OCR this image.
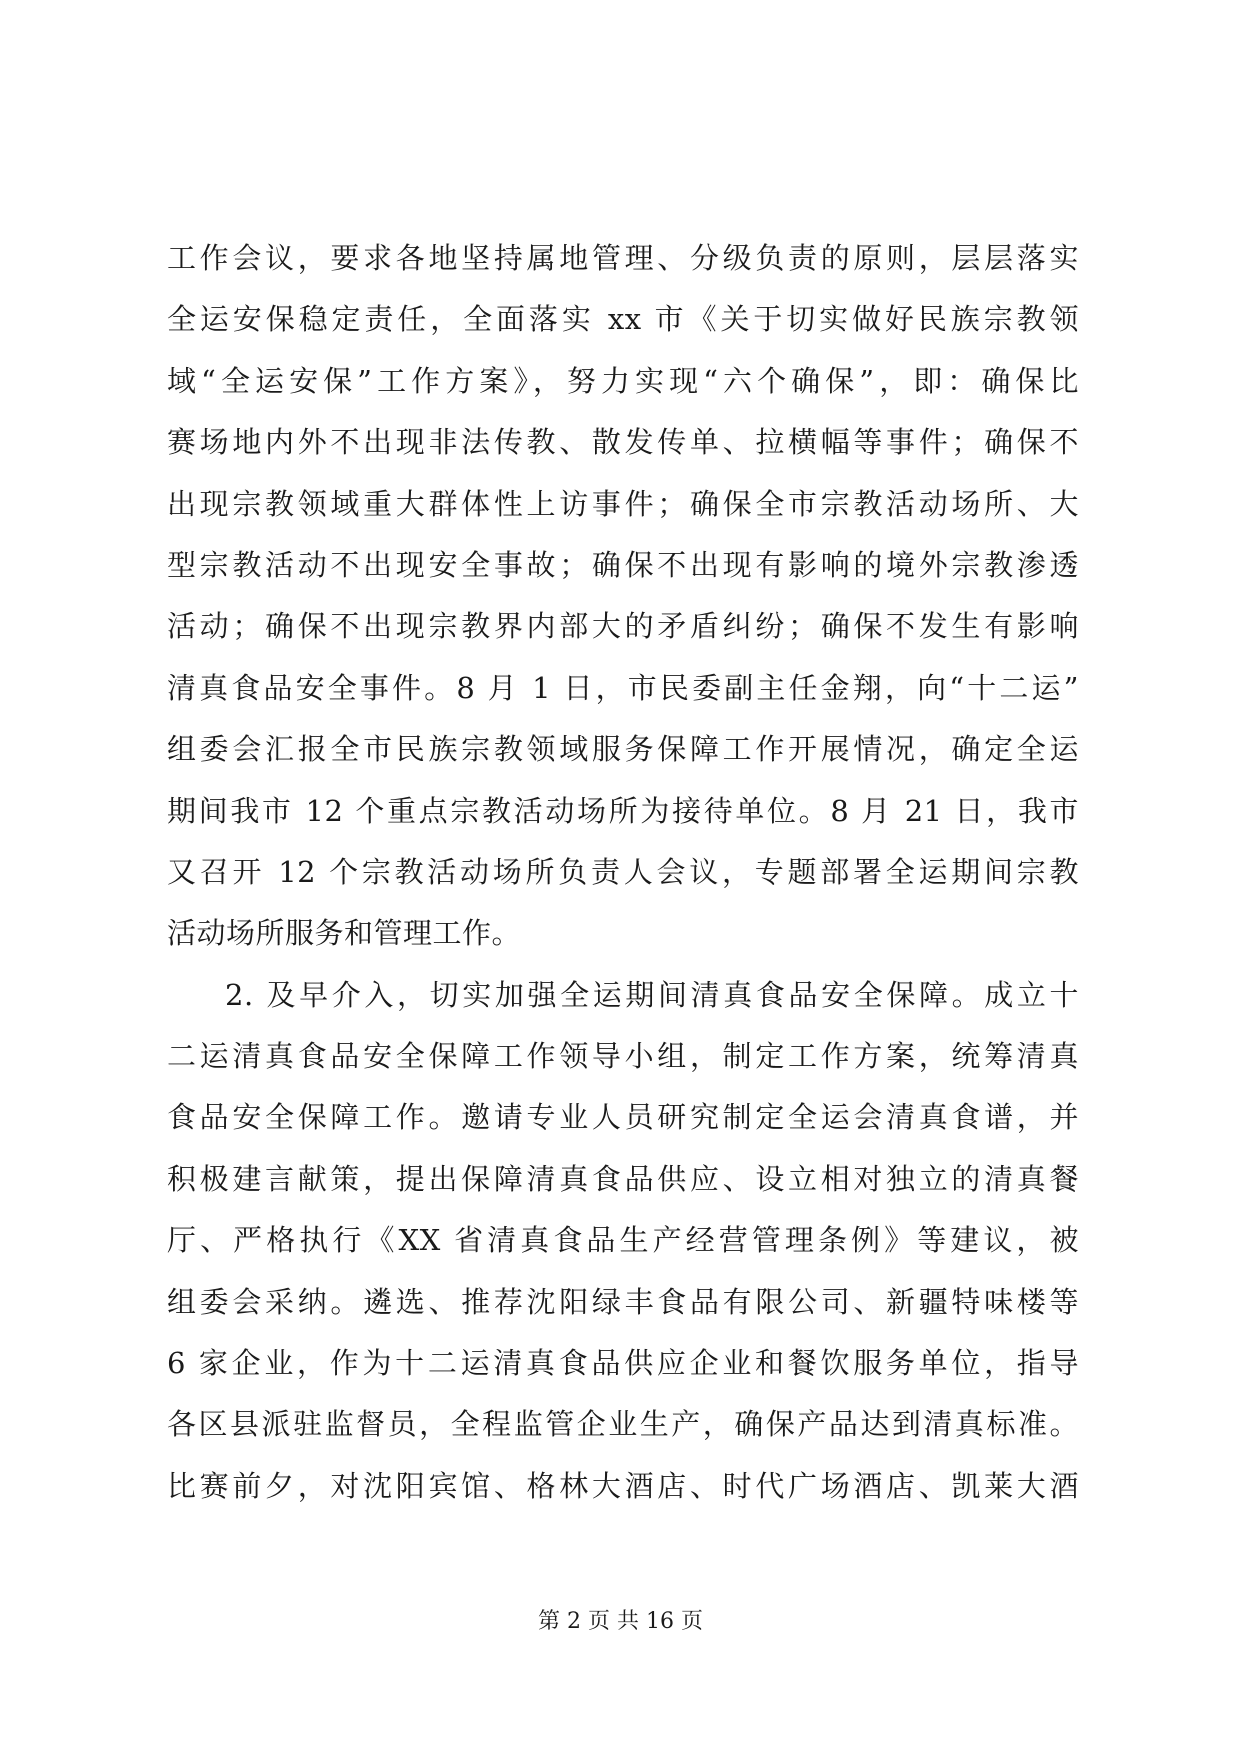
工作会议，要求各地坚持属地管理、分级负责的原则，层层落实
全运安保稳定责任，全面落实 xx 市《关于切实做好民族宗教领
域“全运安保”工作方案》，努力实现“六个确保”，即：确保比
赛场地内外不出现非法传教、散发传单、拉横幅等事件；确保不
出现宗教领域重大群体性上访事件；确保全市宗教活动场所、大
型宗教活动不出现安全事故；确保不出现有影响的境外宗教渗透
活动；确保不出现宗教界内部大的矛盾纠纷；确保不发生有影响
清真食品安全事件。8 月 1 日，市民委副主任金翔，向“十二运”
组委会汇报全市民族宗教领域服务保障工作开展情况，确定全运
期间我市 12 个重点宗教活动场所为接待单位。8 月 21 日，我市
又召开 12 个宗教活动场所负责人会议，专题部署全运期间宗教
活动场所服务和管理工作。
2. 及早介入，切实加强全运期间清真食品安全保障。成立十
二运清真食品安全保障工作领导小组，制定工作方案，统筹清真
食品安全保障工作。邀请专业人员研究制定全运会清真食谱，并
积极建言献策，提出保障清真食品供应、设立相对独立的清真餐
厅、严格执行《XX 省清真食品生产经营管理条例》等建议，被
组委会采纳。遴选、推荐沈阳绿丰食品有限公司、新疆特味楼等
6 家企业，作为十二运清真食品供应企业和餐饮服务单位，指导
各区县派驻监督员，全程监管企业生产，确保产品达到清真标准。
比赛前夕，对沈阳宾馆、格林大酒店、时代广场酒店、凯莱大酒
第 2 页 共 16 页
